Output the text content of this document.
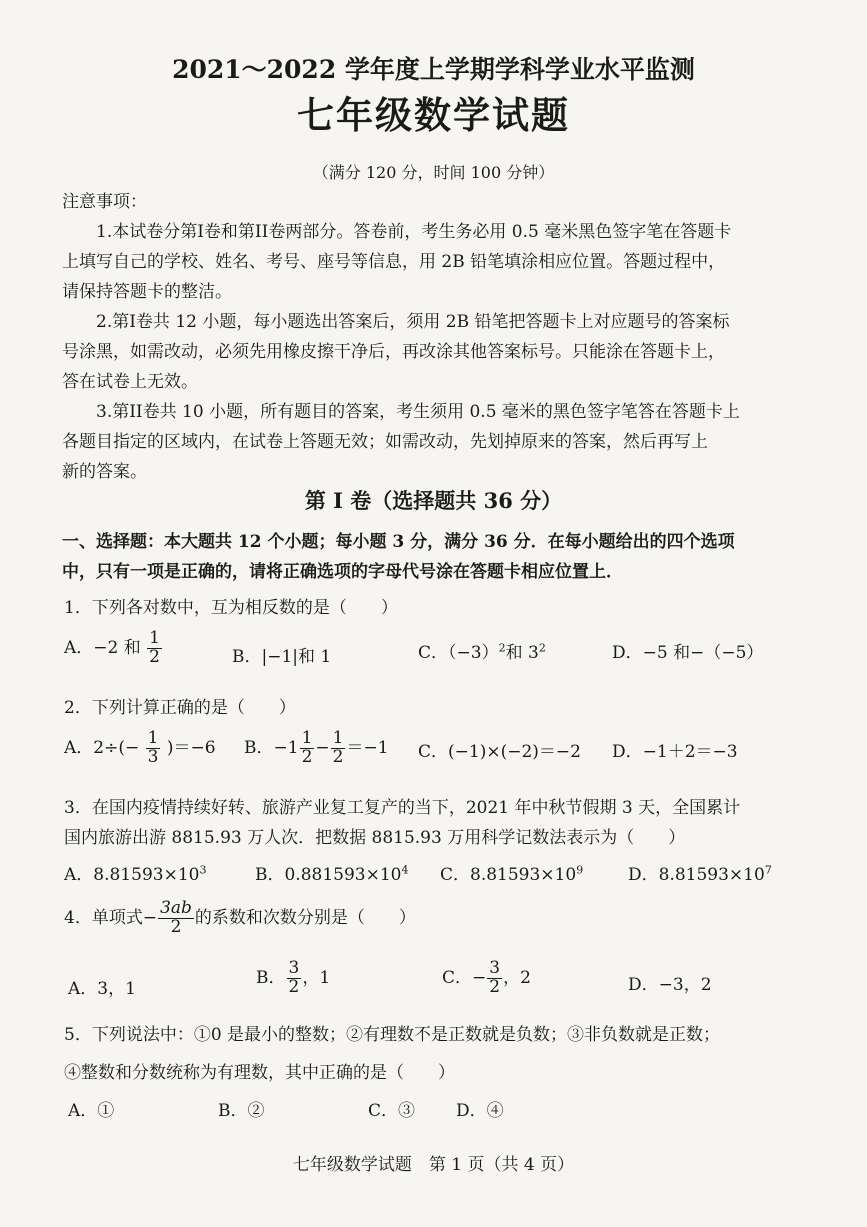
2021～2022 学年度上学期学科学业水平监测
七年级数学试题
（满分 120 分，时间 100 分钟）
注意事项：
1.本试卷分第I卷和第II卷两部分。答卷前，考生务必用 0.5 毫米黑色签字笔在答题卡
上填写自己的学校、姓名、考号、座号等信息，用 2B 铅笔填涂相应位置。答题过程中，
请保持答题卡的整洁。
2.第I卷共 12 小题，每小题选出答案后，须用 2B 铅笔把答题卡上对应题号的答案标
号涂黑，如需改动，必须先用橡皮擦干净后，再改涂其他答案标号。只能涂在答题卡上，
答在试卷上无效。
3.第II卷共 10 小题，所有题目的答案，考生须用 0.5 毫米的黑色签字笔答在答题卡上
各题目指定的区域内，在试卷上答题无效；如需改动，先划掉原来的答案，然后再写上
新的答案。
第 I 卷（选择题共 36 分）
一、选择题：本大题共 12 个小题；每小题 3 分，满分 36 分．在每小题给出的四个选项
中，只有一项是正确的，请将正确选项的字母代号涂在答题卡相应位置上．
1．下列各对数中，互为相反数的是（　　）
A．−2 和 $\frac{1}{2}$	B．|−1|和 1	C．$(-3)^2$和 $3^2$	D．−5 和−（−5）
2．下列计算正确的是（　　）
A．$2\div(- \frac{1}{3} )=-6$ B．$-1 \frac{1}{2} - \frac{1}{2} =-1$ C．(−1)×(−2)＝−2 D．−1＋2＝−3
3．在国内疫情持续好转、旅游产业复工复产的当下，2021 年中秋节假期 3 天，全国累计
国内旅游出游 8815.93 万人次．把数据 8815.93 万用科学记数法表示为（　　）
A．$8.81593\times 10^3$	B．$0.881593\times 10^4$ C．$8.81593\times 10^9$	D．$8.81593\times 10^7$
4．单项式− $\frac{3ab}{2}$ 的系数和次数分别是（　　）
A．3，1
B． $\frac{3}{2}$ ，1	C．− $\frac{3}{2}$ ，2	D．−3，2
5．下列说法中：①0 是最小的整数；②有理数不是正数就是负数；③非负数就是正数；
④整数和分数统称为有理数，其中正确的是（　　）
A．①	B．②	C．③ D．④
七年级数学试题　第 1 页（共 4 页）
